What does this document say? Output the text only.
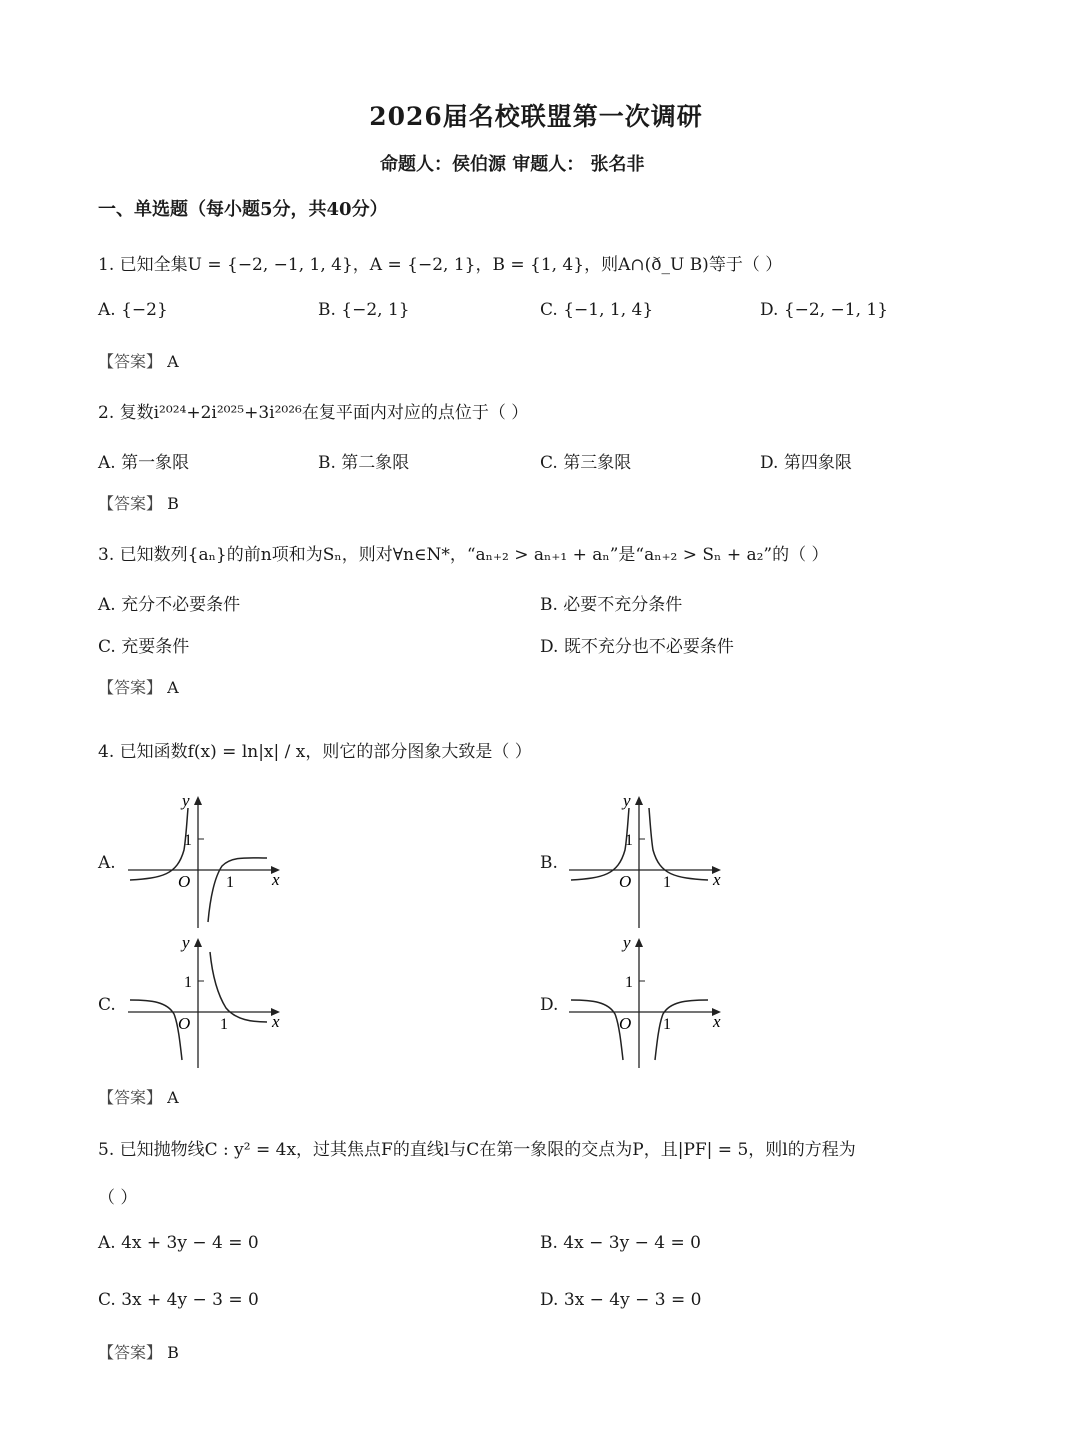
2026届名校联盟第一次调研
命题人：侯伯源 审题人： 张名非
一、单选题（每小题5分，共40分）
1. 已知全集U = {−2, −1, 1, 4}，A = {−2, 1}，B = {1, 4}，则A∩(ð_U B)等于（ ）
A. {−2}	B. {−2, 1}	C. {−1, 1, 4}	D. {−2, −1, 1}
【答案】 A
2. 复数i²⁰²⁴+2i²⁰²⁵+3i²⁰²⁶在复平面内对应的点位于（ ）
A. 第一象限	B. 第二象限	C. 第三象限	D. 第四象限
【答案】 B
3. 已知数列{aₙ}的前n项和为Sₙ，则对∀n∈N*，“aₙ₊₂ > aₙ₊₁ + aₙ”是“aₙ₊₂ > Sₙ + a₂”的（ ）
A. 充分不必要条件	B. 必要不充分条件
C. 充要条件	D. 既不充分也不必要条件
【答案】 A
4. 已知函数f(x) = ln|x| / x，则它的部分图象大致是（ ）
A.	B.
C.	D.
y
1
O 1 x
y
1
O 1 x
y
1
O 1	x
y
1
O 1 x
【答案】 A
5. 已知抛物线C : y² = 4x，过其焦点F的直线l与C在第一象限的交点为P，且|PF| = 5，则l的方程为
（ ）
A. 4x + 3y − 4 = 0	B. 4x − 3y − 4 = 0
C. 3x + 4y − 3 = 0	D. 3x − 4y − 3 = 0
【答案】 B
